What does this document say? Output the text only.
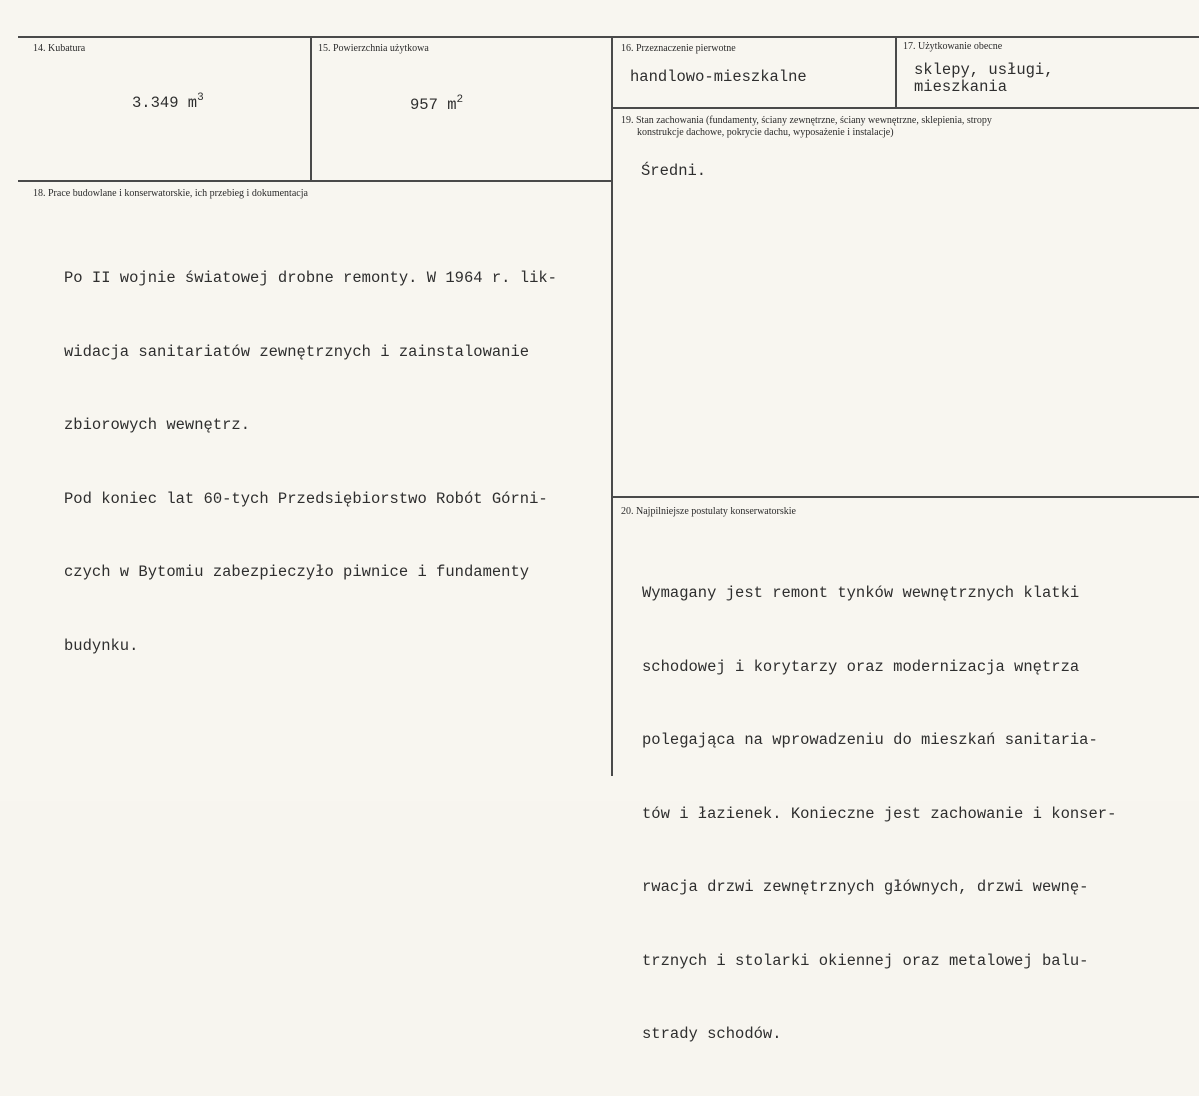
14. Kubatura
3.349 $m^3$
15. Powierzchnia użytkowa
957 $m^2$
16. Przeznaczenie pierwotne
handlowo-mieszkalne
17. Użytkowanie obecne
sklepy, usługi,
mieszkania
19. Stan zachowania (fundamenty, ściany zewnętrzne, ściany wewnętrzne, sklepienia, stropy
konstrukcje dachowe, pokrycie dachu, wyposażenie i instalacje)
Średni.
18. Prace budowlane i konserwatorskie, ich przebieg i dokumentacja

Po II wojnie światowej drobne remonty. W 1964 r. lik-

widacja sanitariatów zewnętrznych i zainstalowanie

zbiorowych wewnętrz.

Pod koniec lat 60-tych Przedsiębiorstwo Robót Górni-

czych w Bytomiu zabezpieczyło piwnice i fundamenty

budynku.

20. Najpilniejsze postulaty konserwatorskie

Wymagany jest remont tynków wewnętrznych klatki

schodowej i korytarzy oraz modernizacja wnętrza

polegająca na wprowadzeniu do mieszkań sanitaria-

tów i łazienek. Konieczne jest zachowanie i konser-

rwacja drzwi zewnętrznych głównych, drzwi wewnę-

trznych i stolarki okiennej oraz metalowej balu-

strady schodów.
